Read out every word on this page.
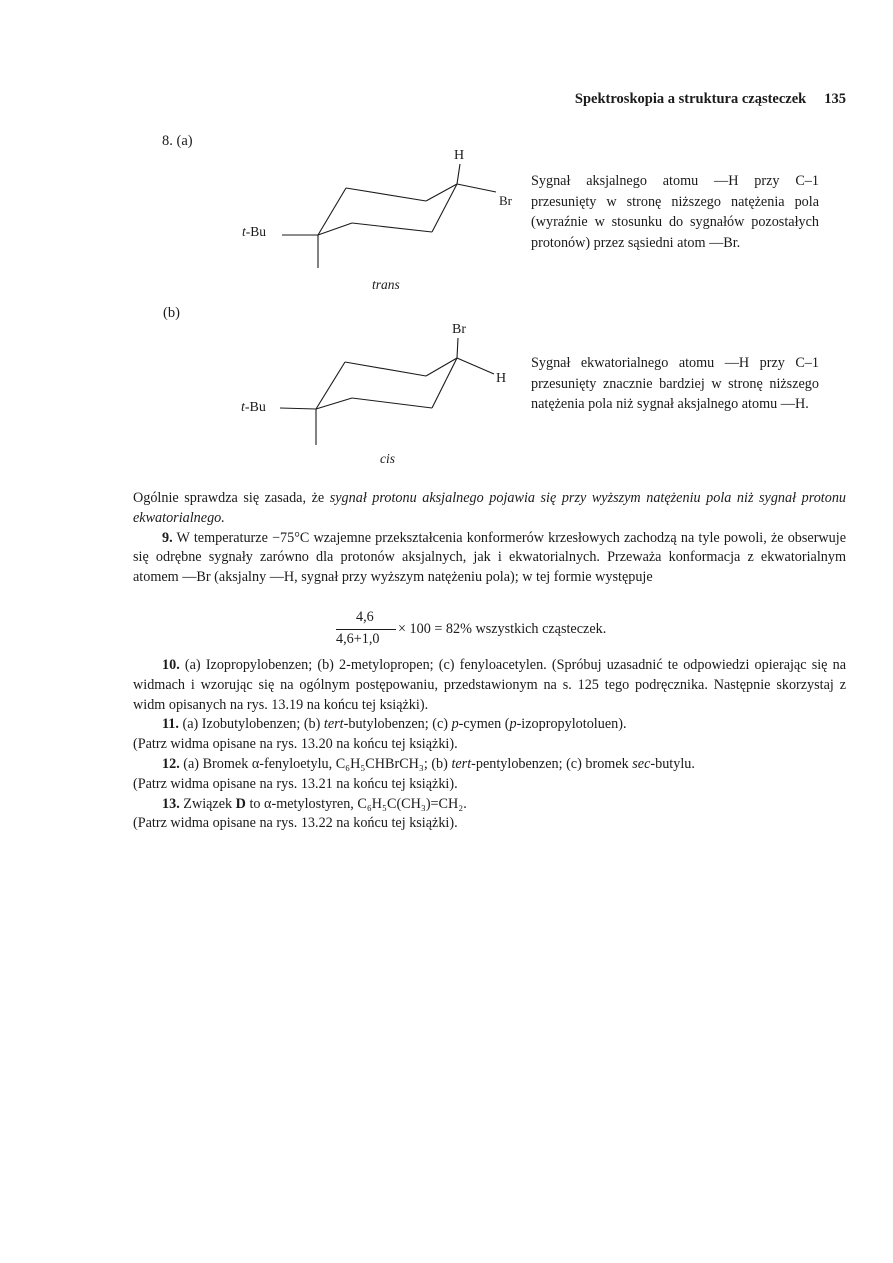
Spektroskopia a struktura cząsteczek 135
8. (a)
(b)
H
Br
t-Bu
trans
Sygnał aksjalnego atomu —H przy C–1 przesunięty w stronę niższego natężenia pola (wyraźnie w stosunku do sygnałów pozostałych protonów) przez sąsiedni atom —Br.
Br
H
t-Bu
cis
Sygnał ekwatorialnego atomu —H przy C–1 przesunięty znacznie bardziej w stronę niższego natężenia pola niż sygnał aksjalnego atomu —H.

Ogólnie sprawdza się zasada, że sygnał protonu aksjalnego pojawia się przy wyższym natężeniu pola niż sygnał protonu ekwatorialnego.

9. W temperaturze −75°C wzajemne przekształcenia konformerów krzesłowych zachodzą na tyle powoli, że obserwuje się odrębne sygnały zarówno dla protonów aksjalnych, jak i ekwatorialnych. Przeważa konformacja z ekwatorialnym atomem —Br (aksjalny —H, sygnał przy wyższym natężeniu pola); w tej formie występuje

4,6
4,6+1,0
× 100 = 82% wszystkich cząsteczek.

10. (a) Izopropylobenzen; (b) 2-metylopropen; (c) fenyloacetylen. (Spróbuj uzasadnić te odpowiedzi opierając się na widmach i wzorując się na ogólnym postępowaniu, przedstawionym na s. 125 tego podręcznika. Następnie skorzystaj z widm opisanych na rys. 13.19 na końcu tej książki).

11. (a) Izobutylobenzen; (b) tert-butylobenzen; (c) p-cymen (p-izopropylotoluen).

(Patrz widma opisane na rys. 13.20 na końcu tej książki).

12. (a) Bromek α-fenyloetylu, C₆H₅CHBrCH₃; (b) tert-pentylobenzen; (c) bromek sec-butylu.

(Patrz widma opisane na rys. 13.21 na końcu tej książki).

13. Związek D to α-metylostyren, C₆H₅C(CH₃)=CH₂.

(Patrz widma opisane na rys. 13.22 na końcu tej książki).
